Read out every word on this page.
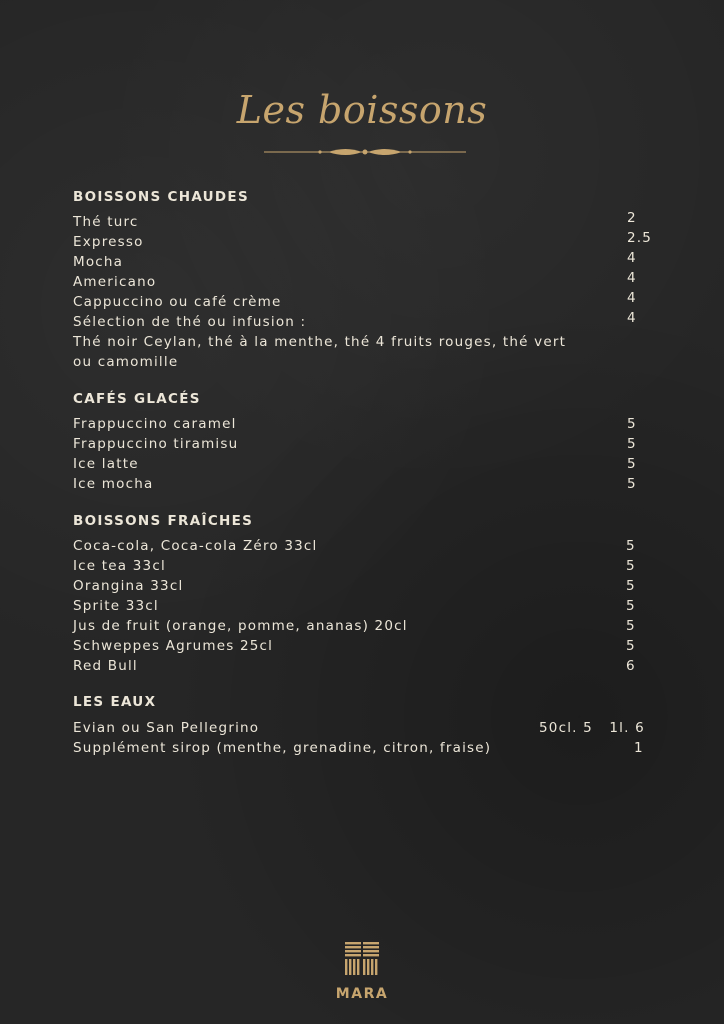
Les boissons
BOISSONS CHAUDES
Thé turc	2
Expresso	2.5
Mocha	4
Americano	4
Cappuccino ou café crème	4
Sélection de thé ou infusion :	4
Thé noir Ceylan, thé à la menthe, thé 4 fruits rouges, thé vert
ou camomille
CAFÉS GLACÉS
Frappuccino caramel	5
Frappuccino tiramisu	5
Ice latte	5
Ice mocha	5
BOISSONS FRAÎCHES
Coca-cola, Coca-cola Zéro 33cl	5
Ice tea 33cl	5
Orangina 33cl	5
Sprite 33cl	5
Jus de fruit (orange, pomme, ananas) 20cl	5
Schweppes Agrumes 25cl	5
Red Bull	6
LES EAUX
Evian ou San Pellegrino	50cl. 5   1l. 6
Supplément sirop (menthe, grenadine, citron, fraise)	1
MARA
